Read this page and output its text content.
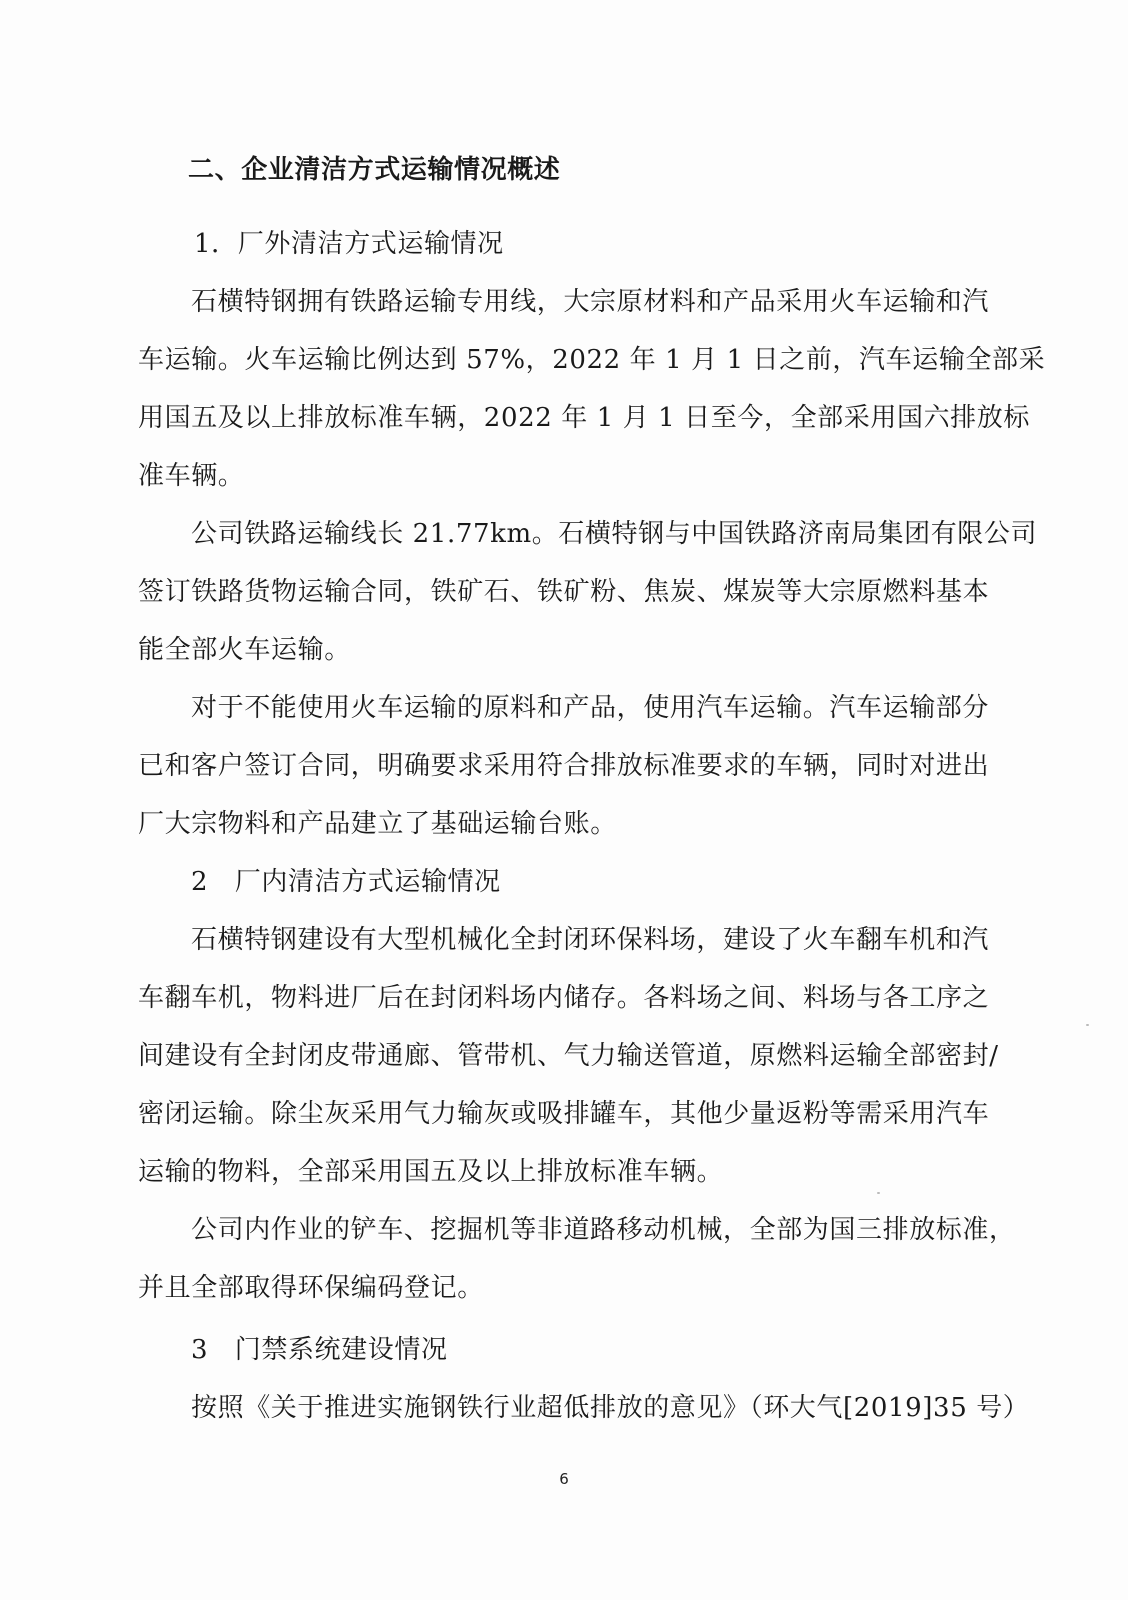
二、企业清洁方式运输情况概述
1．厂外清洁方式运输情况
石横特钢拥有铁路运输专用线，大宗原材料和产品采用火车运输和汽
车运输。火车运输比例达到 57%，2022 年 1 月 1 日之前，汽车运输全部采
用国五及以上排放标准车辆，2022 年 1 月 1 日至今，全部采用国六排放标
准车辆。
公司铁路运输线长 21.77km。石横特钢与中国铁路济南局集团有限公司
签订铁路货物运输合同，铁矿石、铁矿粉、焦炭、煤炭等大宗原燃料基本
能全部火车运输。
对于不能使用火车运输的原料和产品，使用汽车运输。汽车运输部分
已和客户签订合同，明确要求采用符合排放标准要求的车辆，同时对进出
厂大宗物料和产品建立了基础运输台账。
2　厂内清洁方式运输情况
石横特钢建设有大型机械化全封闭环保料场，建设了火车翻车机和汽
车翻车机，物料进厂后在封闭料场内储存。各料场之间、料场与各工序之
间建设有全封闭皮带通廊、管带机、气力输送管道，原燃料运输全部密封/
密闭运输。除尘灰采用气力输灰或吸排罐车，其他少量返粉等需采用汽车
运输的物料，全部采用国五及以上排放标准车辆。
公司内作业的铲车、挖掘机等非道路移动机械，全部为国三排放标准，
并且全部取得环保编码登记。
3　门禁系统建设情况
按照《关于推进实施钢铁行业超低排放的意见》（环大气[2019]35 号）
6
